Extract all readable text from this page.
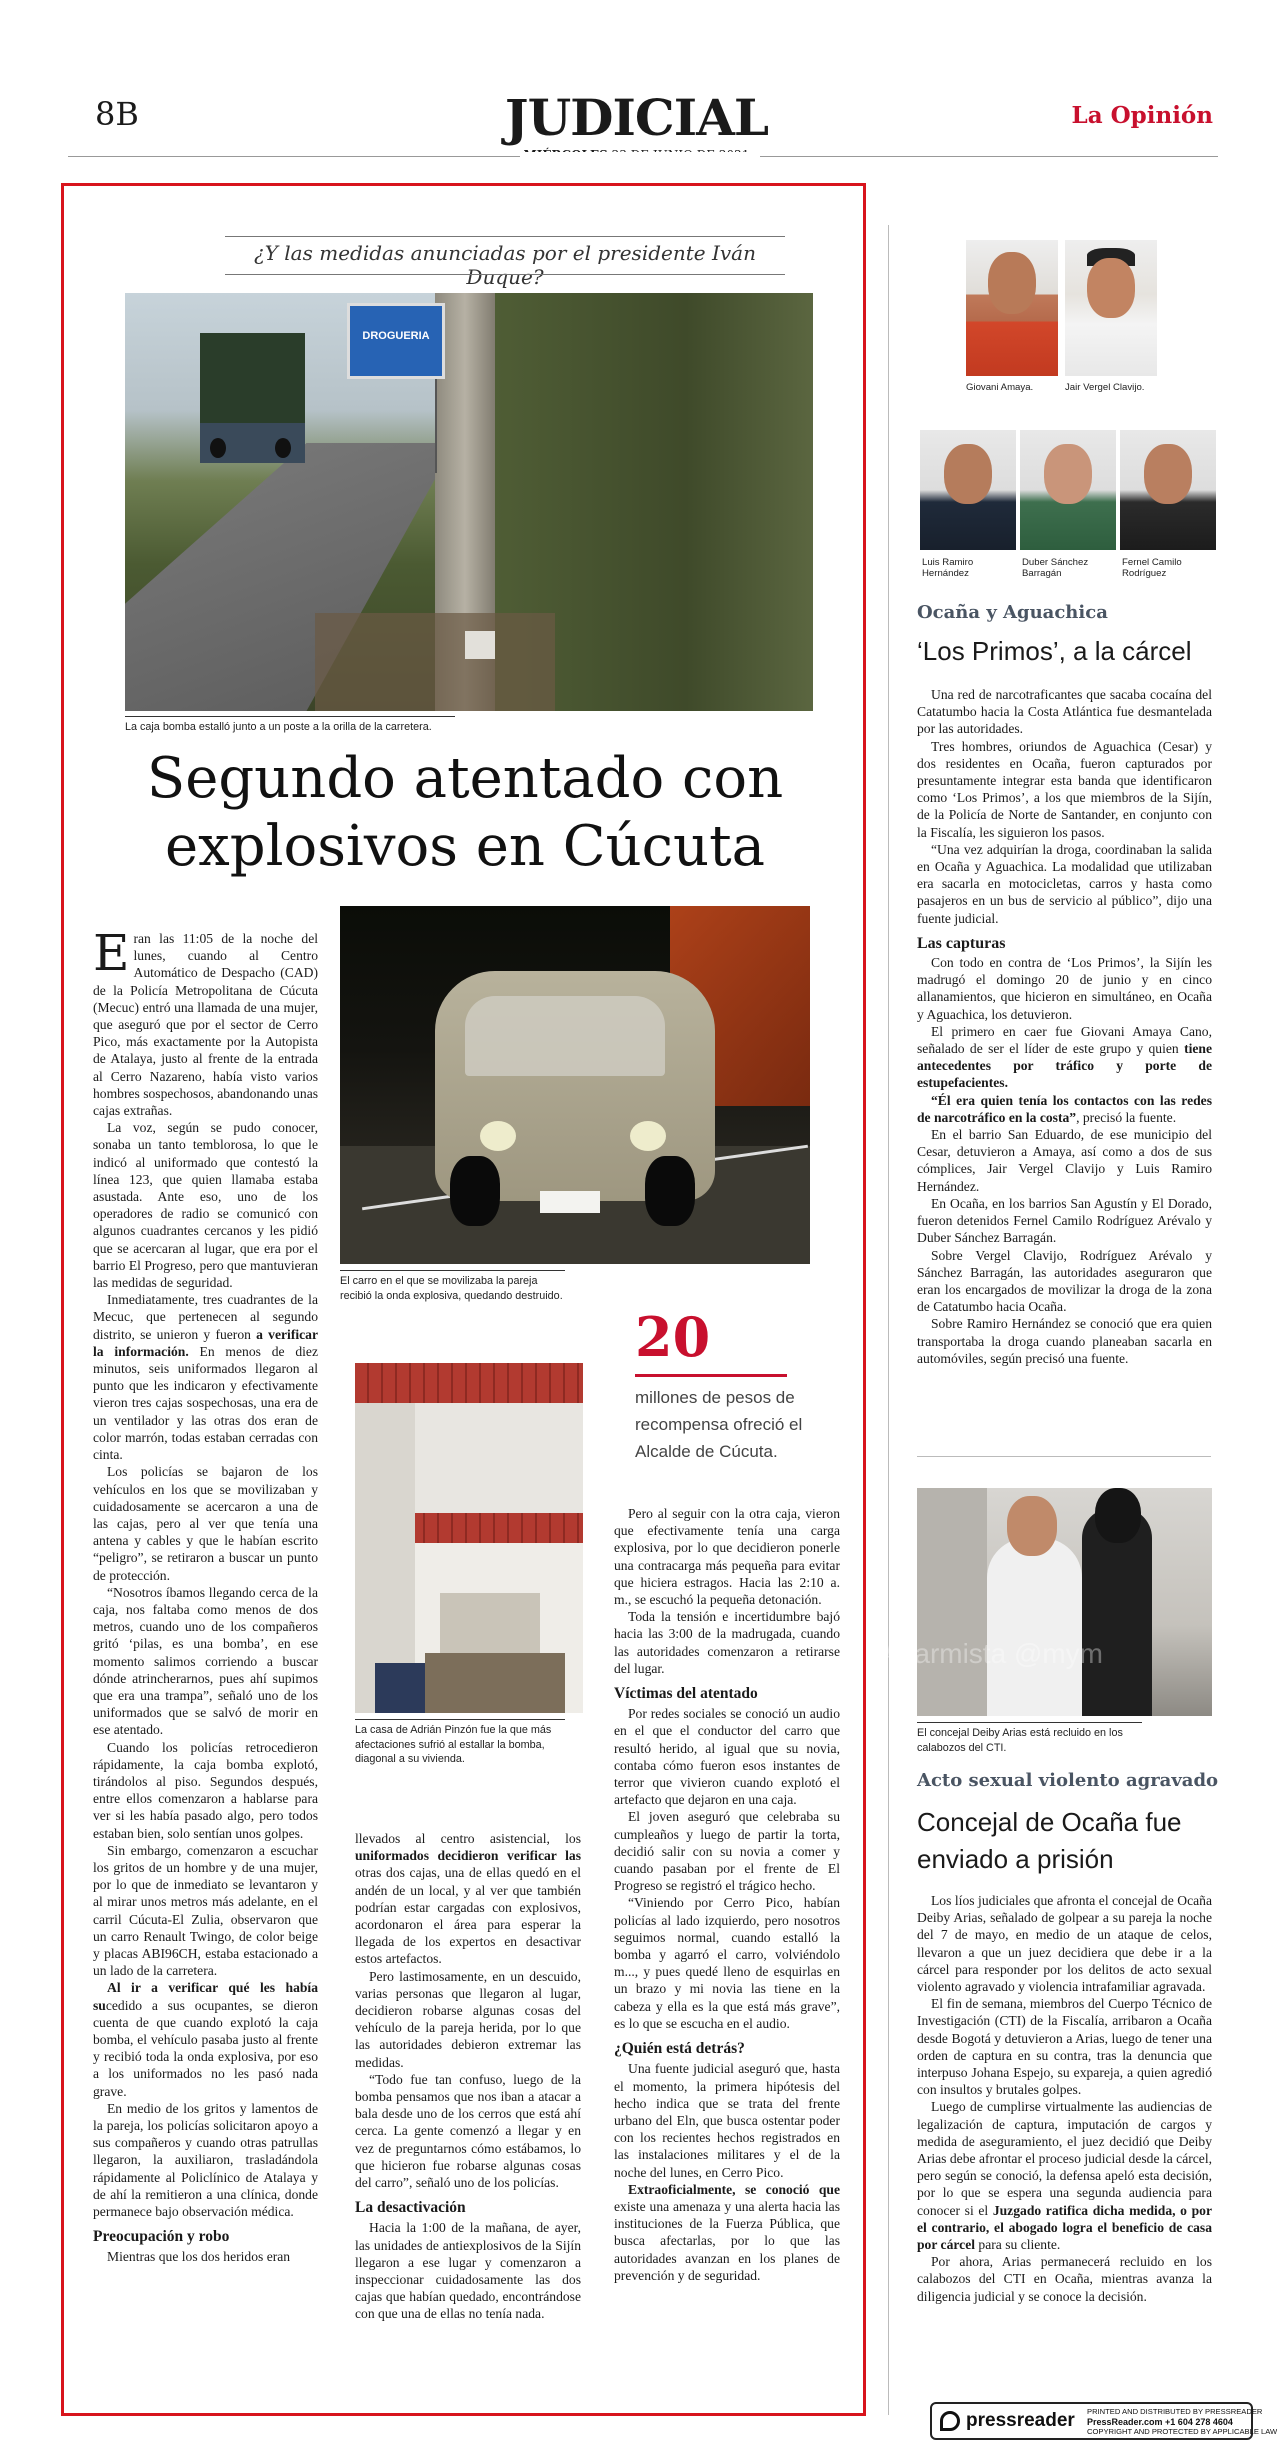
8B	JUDICIAL	La Opinión
¿Y las medidas anunciadas por el presidente Iván Duque?
DROGUERIA
La caja bomba estalló junto a un poste a la orilla de la carretera.
Segundo atentado con
explosivos en Cúcuta
El carro en el que se movilizaba la pareja recibió la onda explosiva, quedando destruido.
20
millones de pesos de recompensa ofreció el Alcalde de Cúcuta.
La casa de Adrián Pinzón fue la que más afectaciones sufrió al estallar la bomba, diagonal a su vivienda.

Eran las 11:05 de la noche del lunes, cuando al Centro Automático de Despacho (CAD) de la Policía Metropolitana de Cúcuta (Mecuc) entró una llamada de una mujer, que aseguró que por el sector de Cerro Pico, más exactamente por la Autopista de Atalaya, justo al frente de la entrada al Cerro Nazareno, había visto varios hombres sospechosos, abandonando unas cajas extrañas.

La voz, según se pudo conocer, sonaba un tanto temblorosa, lo que le indicó al uniformado que contestó la línea 123, que quien llamaba estaba asustada. Ante eso, uno de los operadores de radio se comunicó con algunos cuadrantes cercanos y les pidió que se acercaran al lugar, que era por el barrio El Progreso, pero que mantuvieran las medidas de seguridad.

Inmediatamente, tres cuadrantes de la Mecuc, que pertenecen al segundo distrito, se unieron y fueron a verificar la información. En menos de diez minutos, seis uniformados llegaron al punto que les indicaron y efectivamente vieron tres cajas sospechosas, una era de un ventilador y las otras dos eran de color marrón, todas estaban cerradas con cinta.

Los policías se bajaron de los vehículos en los que se movilizaban y cuidadosamente se acercaron a una de las cajas, pero al ver que tenía una antena y cables y que le habían escrito “peligro”, se retiraron a buscar un punto de protección.

“Nosotros íbamos llegando cerca de la caja, nos faltaba como menos de dos metros, cuando uno de los compañeros gritó ‘pilas, es una bomba’, en ese momento salimos corriendo a buscar dónde atrincherarnos, pues ahí supimos que era una trampa”, señaló uno de los uniformados que se salvó de morir en ese atentado.

Cuando los policías retrocedieron rápidamente, la caja bomba explotó, tirándolos al piso. Segundos después, entre ellos comenzaron a hablarse para ver si les había pasado algo, pero todos estaban bien, solo sentían unos golpes.

Sin embargo, comenzaron a escuchar los gritos de un hombre y de una mujer, por lo que de inmediato se levantaron y al mirar unos metros más adelante, en el carril Cúcuta-El Zulia, observaron que un carro Renault Twingo, de color beige y placas ABI96CH, estaba estacionado a un lado de la carretera.

Al ir a verificar qué les había sucedido a sus ocupantes, se dieron cuenta de que cuando explotó la caja bomba, el vehículo pasaba justo al frente y recibió toda la onda explosiva, por eso a los uniformados no les pasó nada grave.

En medio de los gritos y lamentos de la pareja, los policías solicitaron apoyo a sus compañeros y cuando otras patrullas llegaron, la auxiliaron, trasladándola rápidamente al Policlínico de Atalaya y de ahí la remitieron a una clínica, donde permanece bajo observación médica.

Preocupación y robo

Mientras que los dos heridos eran

llevados al centro asistencial, los uniformados decidieron verificar las otras dos cajas, una de ellas quedó en el andén de un local, y al ver que también podrían estar cargadas con explosivos, acordonaron el área para esperar la llegada de los expertos en desactivar estos artefactos.

Pero lastimosamente, en un descuido, varias personas que llegaron al lugar, decidieron robarse algunas cosas del vehículo de la pareja herida, por lo que las autoridades debieron extremar las medidas.

“Todo fue tan confuso, luego de la bomba pensamos que nos iban a atacar a bala desde uno de los cerros que está ahí cerca. La gente comenzó a llegar y en vez de preguntarnos cómo estábamos, lo que hicieron fue robarse algunas cosas del carro”, señaló uno de los policías.

La desactivación

Hacia la 1:00 de la mañana, de ayer, las unidades de antiexplosivos de la Sijín llegaron a ese lugar y comenzaron a inspeccionar cuidadosamente las dos cajas que habían quedado, encontrándose con que una de ellas no tenía nada.

Pero al seguir con la otra caja, vieron que efectivamente tenía una carga explosiva, por lo que decidieron ponerle una contracarga más pequeña para evitar que hiciera estragos. Hacia las 2:10 a. m., se escuchó la pequeña detonación.

Toda la tensión e incertidumbre bajó hacia las 3:00 de la madrugada, cuando las autoridades comenzaron a retirarse del lugar.

Víctimas del atentado

Por redes sociales se conoció un audio en el que el conductor del carro que resultó herido, al igual que su novia, contaba cómo fueron esos instantes de terror que vivieron cuando explotó el artefacto que dejaron en una caja.

El joven aseguró que celebraba su cumpleaños y luego de partir la torta, decidió salir con su novia a comer y cuando pasaban por el frente de El Progreso se registró el trágico hecho.

“Viniendo por Cerro Pico, habían policías al lado izquierdo, pero nosotros seguimos normal, cuando estalló la bomba y agarró el carro, volviéndolo m..., y pues quedé lleno de esquirlas en un brazo y mi novia las tiene en la cabeza y ella es la que está más grave”, es lo que se escucha en el audio.

¿Quién está detrás?

Una fuente judicial aseguró que, hasta el momento, la primera hipótesis del hecho indica que se trata del frente urbano del Eln, que busca ostentar poder con los recientes hechos registrados en las instalaciones militares y el de la noche del lunes, en Cerro Pico.

Extraoficialmente, se conoció que existe una amenaza y una alerta hacia las instituciones de la Fuerza Pública, que busca afectarlas, por lo que las autoridades avanzan en los planes de prevención y de seguridad.

Giovani Amaya.	Jair Vergel Clavijo.
Luis Ramiro Hernández
Duber Sánchez Barragán
Fernel Camilo Rodríguez
Ocaña y Aguachica
‘Los Primos’, a la cárcel

Una red de narcotraficantes que sacaba cocaína del Catatumbo hacia la Costa Atlántica fue desmantelada por las autoridades.

Tres hombres, oriundos de Aguachica (Cesar) y dos residentes en Ocaña, fueron capturados por presuntamente integrar esta banda que identificaron como ‘Los Primos’, a los que miembros de la Sijín, de la Policía de Norte de Santander, en conjunto con la Fiscalía, les siguieron los pasos.

“Una vez adquirían la droga, coordinaban la salida en Ocaña y Aguachica. La modalidad que utilizaban era sacarla en motocicletas, carros y hasta como pasajeros en un bus de servicio al público”, dijo una fuente judicial.

Las capturas

Con todo en contra de ‘Los Primos’, la Sijín les madrugó el domingo 20 de junio y en cinco allanamientos, que hicieron en simultáneo, en Ocaña y Aguachica, los detuvieron.

El primero en caer fue Giovani Amaya Cano, señalado de ser el líder de este grupo y quien tiene antecedentes por tráfico y porte de estupefacientes.

“Él era quien tenía los contactos con las redes de narcotráfico en la costa”, precisó la fuente.

En el barrio San Eduardo, de ese municipio del Cesar, detuvieron a Amaya, así como a dos de sus cómplices, Jair Vergel Clavijo y Luis Ramiro Hernández.

En Ocaña, en los barrios San Agustín y El Dorado, fueron detenidos Fernel Camilo Rodríguez Arévalo y Duber Sánchez Barragán.

Sobre Vergel Clavijo, Rodríguez Arévalo y Sánchez Barragán, las autoridades aseguraron que eran los encargados de movilizar la droga de la zona de Catatumbo hacia Ocaña.

Sobre Ramiro Hernández se conoció que era quien transportaba la droga cuando planeaban sacarla en automóviles, según precisó una fuente.

#alarmista @mym
El concejal Deiby Arias está recluido en los calabozos del CTI.
Acto sexual violento agravado
Concejal de Ocaña fue
enviado a prisión

Los líos judiciales que afronta el concejal de Ocaña Deiby Arias, señalado de golpear a su pareja la noche del 7 de mayo, en medio de un ataque de celos, llevaron a que un juez decidiera que debe ir a la cárcel para responder por los delitos de acto sexual violento agravado y violencia intrafamiliar agravada.

El fin de semana, miembros del Cuerpo Técnico de Investigación (CTI) de la Fiscalía, arribaron a Ocaña desde Bogotá y detuvieron a Arias, luego de tener una orden de captura en su contra, tras la denuncia que interpuso Johana Espejo, su expareja, a quien agredió con insultos y brutales golpes.

Luego de cumplirse virtualmente las audiencias de legalización de captura, imputación de cargos y medida de aseguramiento, el juez decidió que Deiby Arias debe afrontar el proceso judicial desde la cárcel, pero según se conoció, la defensa apeló esta decisión, por lo que se espera una segunda audiencia para conocer si el Juzgado ratifica dicha medida, o por el contrario, el abogado logra el beneficio de casa por cárcel para su cliente.

Por ahora, Arias permanecerá recluido en los calabozos del CTI en Ocaña, mientras avanza la diligencia judicial y se conoce la decisión.

pressreader PRINTED AND DISTRIBUTED BY PRESSREADER
PressReader.com +1 604 278 4604
COPYRIGHT AND PROTECTED BY APPLICABLE LAW
